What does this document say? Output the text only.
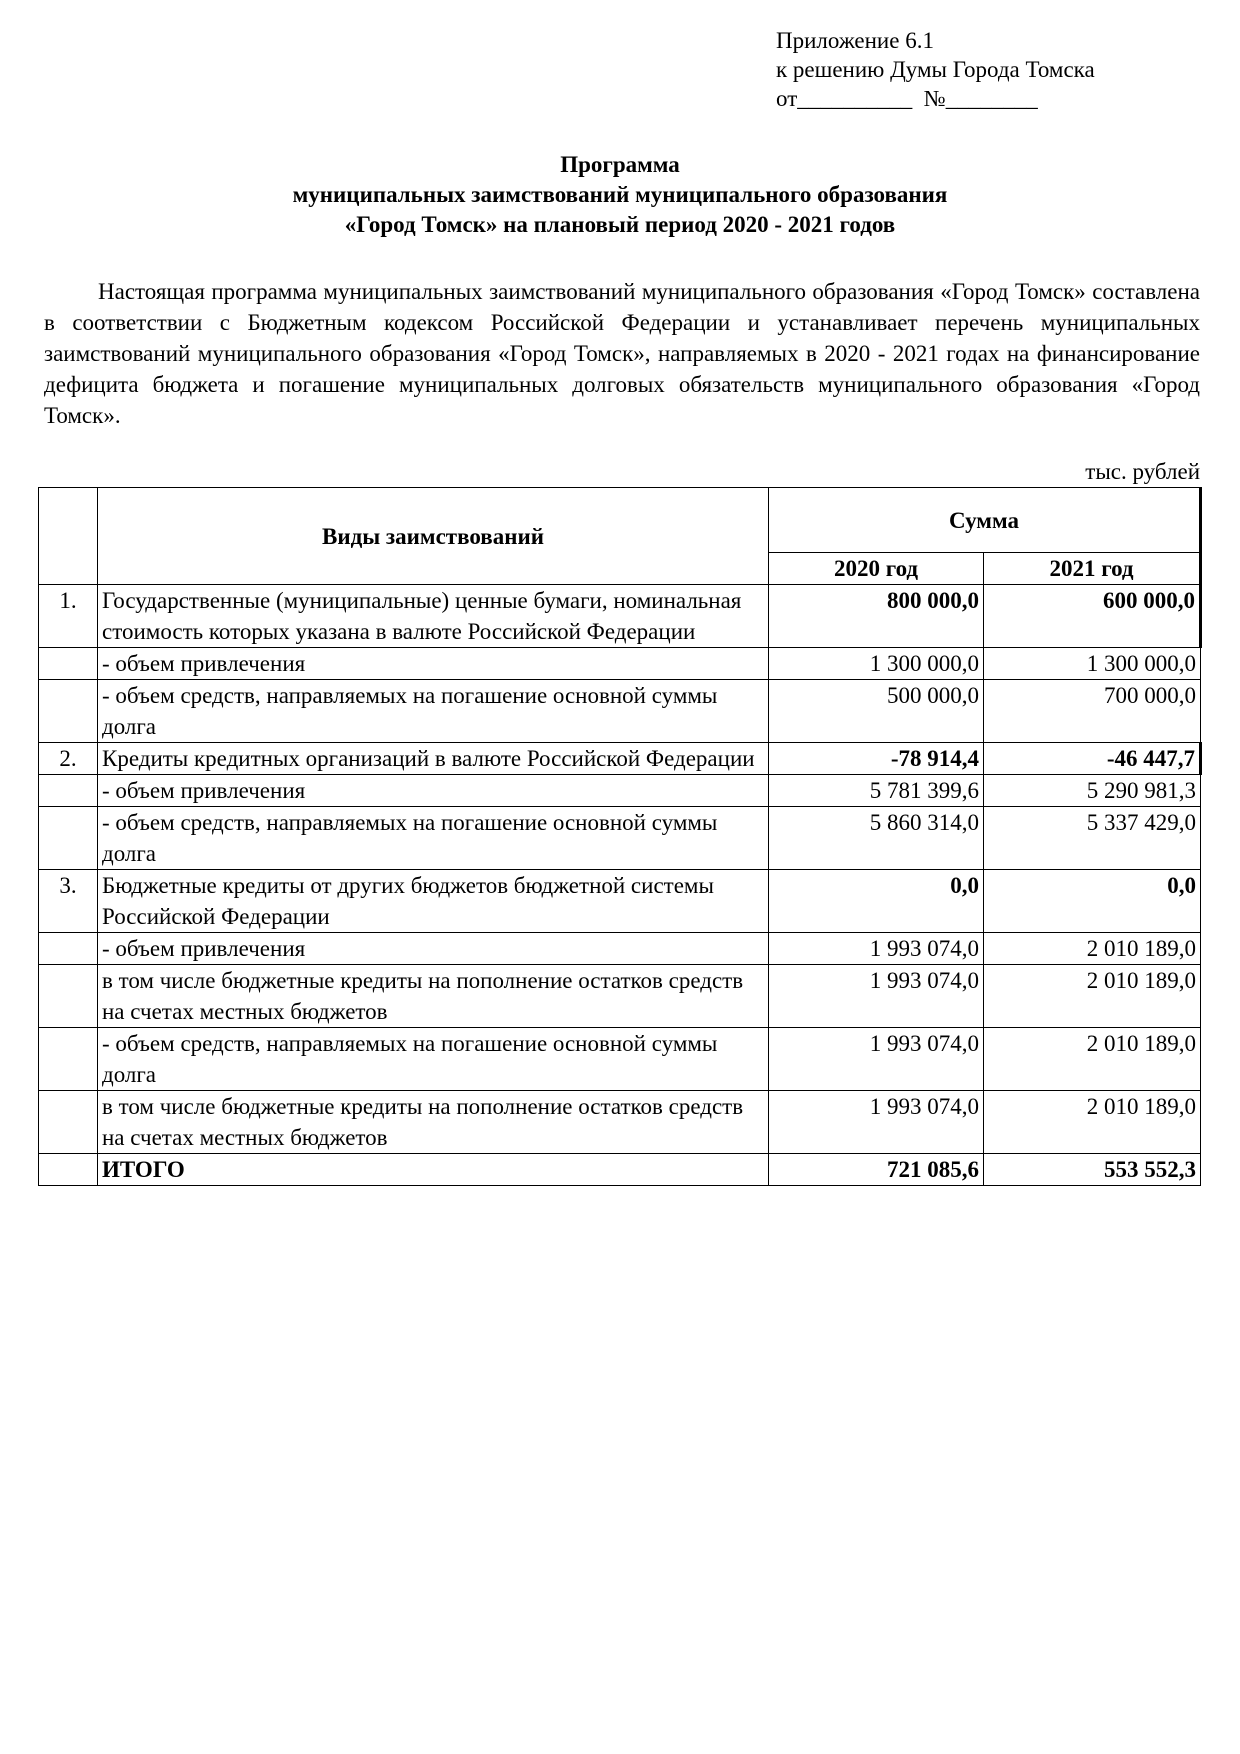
Приложение 6.1
к решению Думы Города Томска
от__________  №________
Программа
муниципальных заимствований муниципального образования
«Город Томск» на плановый период 2020 - 2021 годов

Настоящая программа муниципальных заимствований муниципального образования «Город Томск» составлена в соответствии с Бюджетным кодексом Российской Федерации и устанавливает перечень муниципальных заимствований муниципального образования «Город Томск», направляемых в 2020 - 2021 годах на финансирование дефицита бюджета и погашение муниципальных долговых обязательств муниципального образования «Город Томск».

тыс. рублей
	Виды заимствований	Сумма	
		2020 год	2021 год
1.	Государственные (муниципальные) ценные бумаги, номинальная стоимость которых указана в валюте Российской Федерации	800 000,0	600 000,0
	- объем привлечения	1 300 000,0	1 300 000,0
	- объем средств, направляемых на погашение основной суммы долга	500 000,0	700 000,0
2.	Кредиты кредитных организаций в валюте Российской Федерации	-78 914,4	-46 447,7
	- объем привлечения	5 781 399,6	5 290 981,3
	- объем средств, направляемых на погашение основной суммы долга	5 860 314,0	5 337 429,0
3.	Бюджетные кредиты от других бюджетов бюджетной системы Российской Федерации	0,0	0,0
	- объем привлечения	1 993 074,0	2 010 189,0
	в том числе бюджетные кредиты на пополнение остатков средств на счетах местных бюджетов	1 993 074,0	2 010 189,0
	- объем средств, направляемых на погашение основной суммы долга	1 993 074,0	2 010 189,0
	в том числе бюджетные кредиты на пополнение остатков средств на счетах местных бюджетов	1 993 074,0	2 010 189,0
	ИТОГО	721 085,6	553 552,3
